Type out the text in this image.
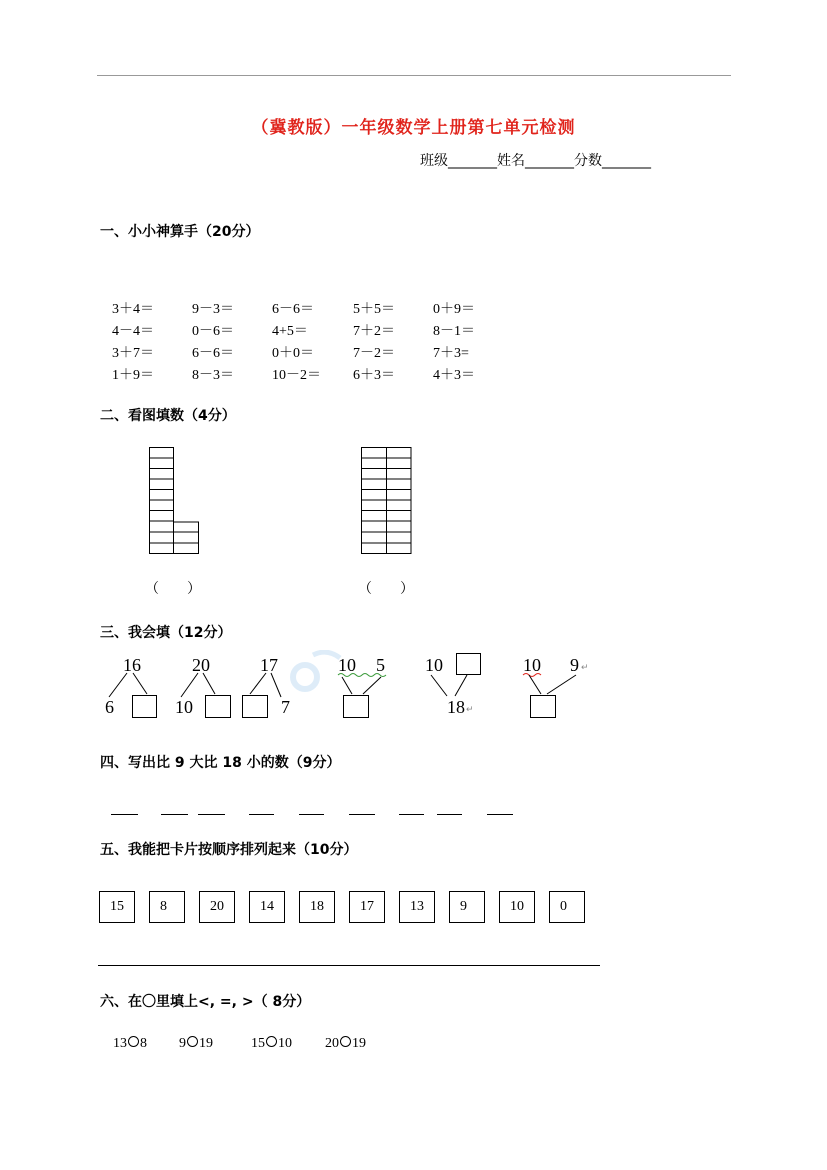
（冀教版）一年级数学上册第七单元检测
班级_______姓名_______分数_______
一、小小神算手（20分）
3＋4＝	9－3＝	6－6＝	5＋5＝	0＋9＝
4－4＝	0－6＝	4+5＝	7＋2＝	8－1＝
3＋7＝	6－6＝	0＋0＝	7－2＝	7＋3=
1＋9＝	8－3＝	10－2＝ 6＋3＝	4＋3＝
二、看图填数（4分）
（　　）	（　　）
三、我会填（12分）
16
6
20
10
17
7
10 5 10
18 ↵
10 9 ↵
四、写出比 9 大比 18 小的数（9分）
五、我能把卡片按顺序排列起来（10分）
15	8	20	14	18	17	13	9	10	0
六、在〇里填上<, =, >（ 8分）
13 8 9 19	15 10 20 19
